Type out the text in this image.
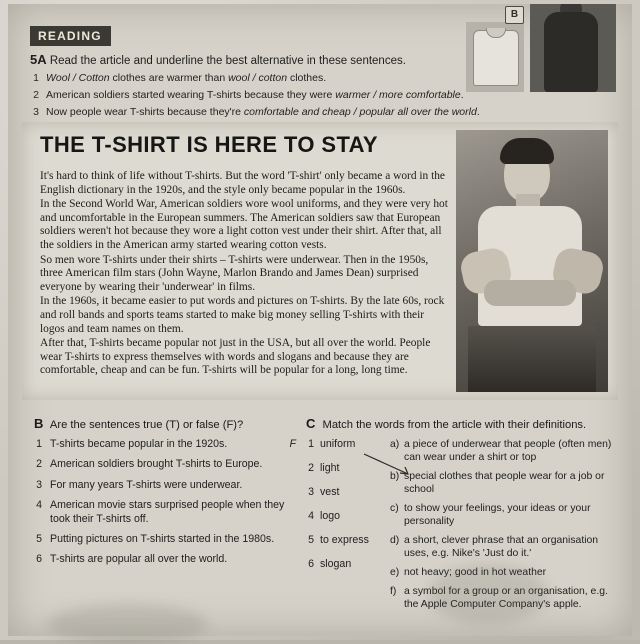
B
READING
5A Read the article and underline the best alternative in these sentences.
1 Wool / Cotton clothes are warmer than wool / cotton clothes.
2 American soldiers started wearing T-shirts because they were warmer / more comfortable.
3 Now people wear T-shirts because they're comfortable and cheap / popular all over the world.
THE T-SHIRT IS HERE TO STAY

It's hard to think of life without T-shirts. But the word 'T-shirt' only became a word in the English dictionary in the 1920s, and the style only became popular in the 1960s.

In the Second World War, American soldiers wore wool uniforms, and they were very hot and uncomfortable in the European summers. The American soldiers saw that European soldiers weren't hot because they wore a light cotton vest under their shirt. After that, all the soldiers in the American army started wearing cotton vests.

So men wore T-shirts under their shirts – T-shirts were underwear. Then in the 1950s, three American film stars (John Wayne, Marlon Brando and James Dean) surprised everyone by wearing their 'underwear' in films.

In the 1960s, it became easier to put words and pictures on T-shirts. By the late 60s, rock and roll bands and sports teams started to make big money selling T-shirts with their logos and team names on them.

After that, T-shirts became popular not just in the USA, but all over the world. People wear T-shirts to express themselves with words and slogans and because they are comfortable, cheap and can be fun. T-shirts will be popular for a long, long time.

B Are the sentences true (T) or false (F)?
1 T-shirts became popular in the 1920s.	F
2 American soldiers brought T-shirts to Europe.
3 For many years T-shirts were underwear.
4 American movie stars surprised people when they took their T-shirts off.
5 Putting pictures on T-shirts started in the 1980s.
6 T-shirts are popular all over the world.
C Match the words from the article with their definitions.
1 uniform
2 light
3 vest
4 logo
5 to express
6 slogan
a) a piece of underwear that people (often men) can wear under a shirt or top
b) special clothes that people wear for a job or school
c) to show your feelings, your ideas or your personality
d) a short, clever phrase that an organisation uses, e.g. Nike's 'Just do it.'
e) not heavy; good in hot weather
f) a symbol for a group or an organisation, e.g. the Apple Computer Company's apple.
